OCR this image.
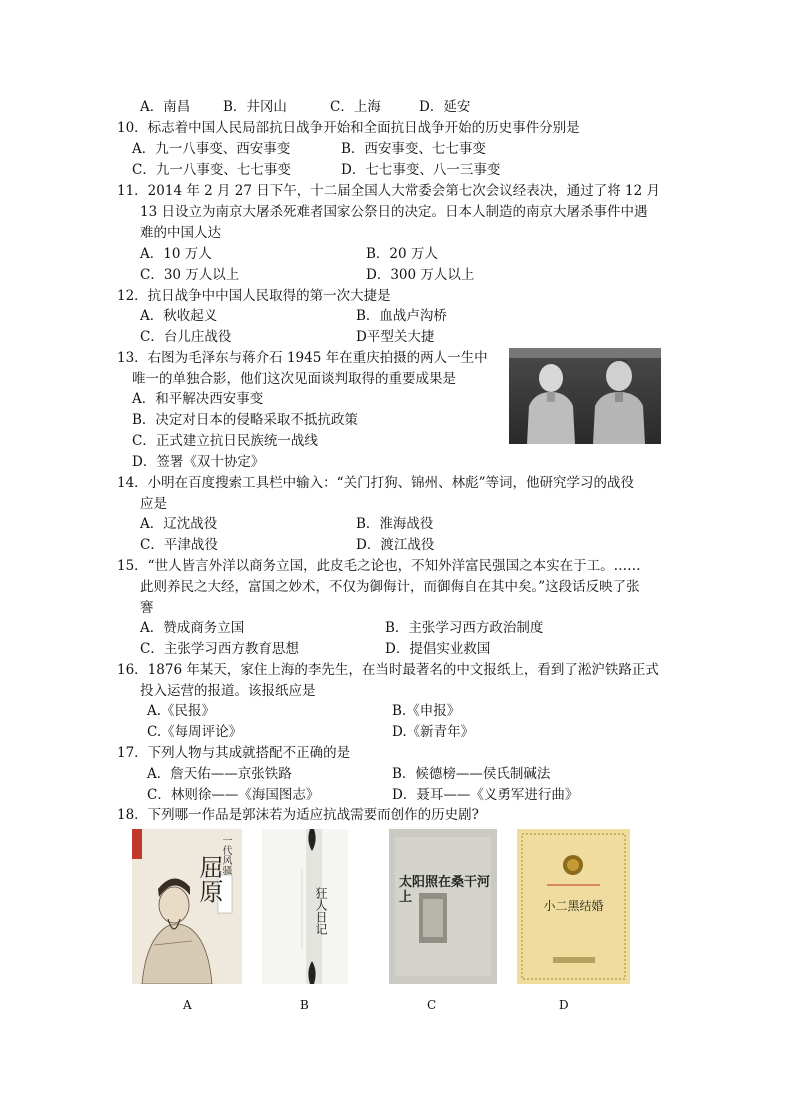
A．南昌 B．井冈山	C．上海	D．延安
10．标志着中国人民局部抗日战争开始和全面抗日战争开始的历史事件分别是
A．九一八事变、西安事变	B．西安事变、七七事变
C．九一八事变、七七事变	D．七七事变、八一三事变
11．2014 年 2 月 27 日下午，十二届全国人大常委会第七次会议经表决，通过了将 12 月
13 日设立为南京大屠杀死难者国家公祭日的决定。日本人制造的南京大屠杀事件中遇
难的中国人达
A．10 万人	B．20 万人
C．30 万人以上	D．300 万人以上
12．抗日战争中中国人民取得的第一次大捷是
A．秋收起义	B．血战卢沟桥
C．台儿庄战役	D平型关大捷
13．右图为毛泽东与蒋介石 1945 年在重庆拍摄的两人一生中
唯一的单独合影，他们这次见面谈判取得的重要成果是
A．和平解决西安事变
B．决定对日本的侵略采取不抵抗政策
C．正式建立抗日民族统一战线
D．签署《双十协定》
14．小明在百度搜索工具栏中输入：“关门打狗、锦州、林彪”等词，他研究学习的战役
应是
A．辽沈战役	B．淮海战役
C．平津战役	D．渡江战役
15．“世人皆言外洋以商务立国，此皮毛之论也，不知外洋富民强国之本实在于工。……
此则养民之大经，富国之妙术，不仅为御侮计，而御侮自在其中矣。”这段话反映了张
謇
A．赞成商务立国	B．主张学习西方政治制度
C．主张学习西方教育思想	D．提倡实业救国
16．1876 年某天，家住上海的李先生，在当时最著名的中文报纸上，看到了淞沪铁路正式
投入运营的报道。该报纸应是
A.《民报》	B.《申报》
C.《每周评论》	D.《新青年》
17．下列人物与其成就搭配不正确的是
A．詹天佑——京张铁路	B．候德榜——侯氏制碱法
C．林则徐——《海国图志》	D．聂耳——《义勇军进行曲》
18．下列哪一作品是郭沫若为适应抗战需要而创作的历史剧?
屈原
一代风骚
狂人日记
太阳照在桑干河上
小二黑结婚
A	B	C	D
